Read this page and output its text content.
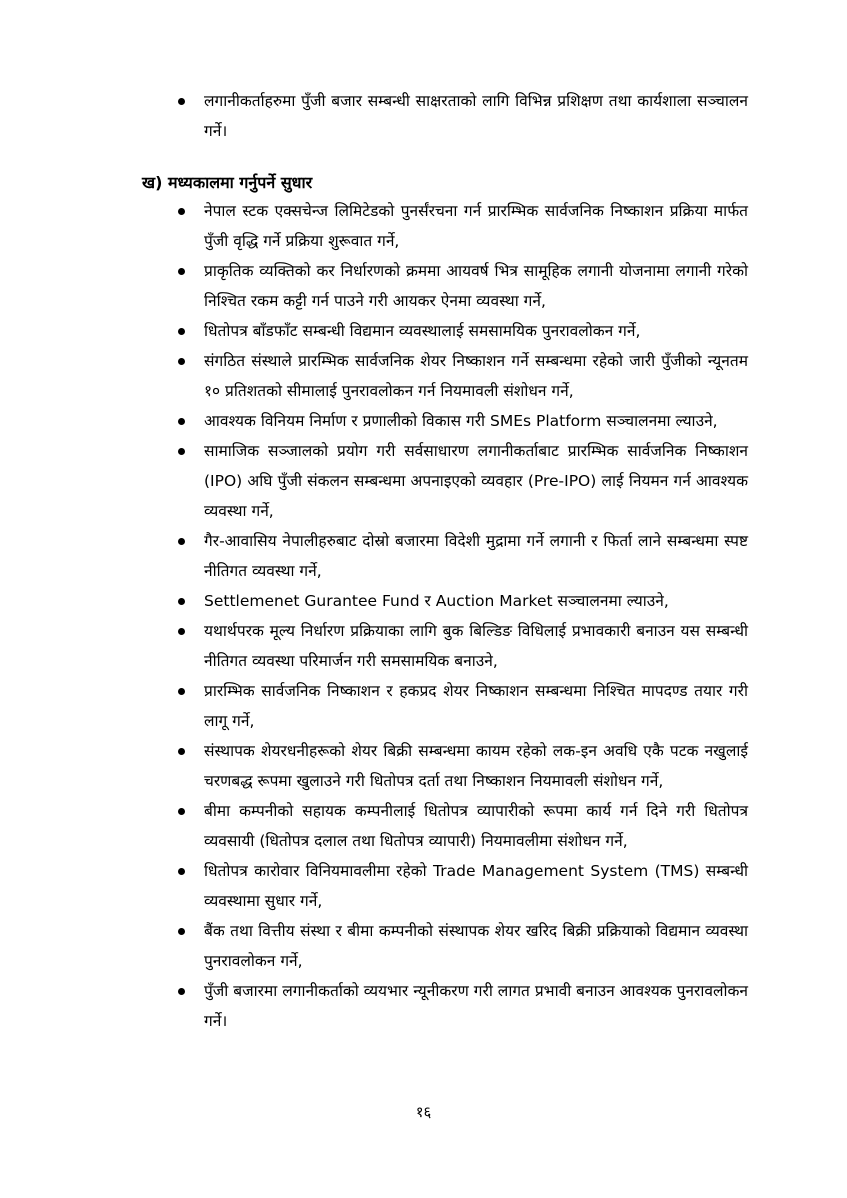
लगानीकर्ताहरुमा पुँजी बजार सम्बन्धी साक्षरताको लागि विभिन्न प्रशिक्षण तथा कार्यशाला सञ्चालन गर्ने।
ख) मध्यकालमा गर्नुपर्ने सुधार
नेपाल स्टक एक्सचेन्ज लिमिटेडको पुनर्संरचना गर्न प्रारम्भिक सार्वजनिक निष्काशन प्रक्रिया मार्फत पुँजी वृद्धि गर्ने प्रक्रिया शुरूवात गर्ने,
प्राकृतिक व्यक्तिको कर निर्धारणको क्रममा आयवर्ष भित्र सामूहिक लगानी योजनामा लगानी गरेको निश्चित रकम कट्टी गर्न पाउने गरी आयकर ऐनमा व्यवस्था गर्ने,
धितोपत्र बाँडफाँट सम्बन्धी विद्यमान व्यवस्थालाई समसामयिक पुनरावलोकन गर्ने,
संगठित संस्थाले प्रारम्भिक सार्वजनिक शेयर निष्काशन गर्ने सम्बन्धमा रहेको जारी पुँजीको न्यूनतम १० प्रतिशतको सीमालाई पुनरावलोकन गर्न नियमावली संशोधन गर्ने,
आवश्यक विनियम निर्माण र प्रणालीको विकास गरी SMEs Platform सञ्चालनमा ल्याउने,
सामाजिक सञ्जालको प्रयोग गरी सर्वसाधारण लगानीकर्ताबाट प्रारम्भिक सार्वजनिक निष्काशन (IPO) अघि पुँजी संकलन सम्बन्धमा अपनाइएको व्यवहार (Pre-IPO) लाई नियमन गर्न आवश्यक व्यवस्था गर्ने,
गैर-आवासिय नेपालीहरुबाट दोस्रो बजारमा विदेशी मुद्रामा गर्ने लगानी र फिर्ता लाने सम्बन्धमा स्पष्ट नीतिगत व्यवस्था गर्ने,
Settlemenet Gurantee Fund र Auction Market सञ्चालनमा ल्याउने,
यथार्थपरक मूल्य निर्धारण प्रक्रियाका लागि बुक बिल्डिङ विधिलाई प्रभावकारी बनाउन यस सम्बन्धी नीतिगत व्यवस्था परिमार्जन गरी समसामयिक बनाउने,
प्रारम्भिक सार्वजनिक निष्काशन र हकप्रद शेयर निष्काशन सम्बन्धमा निश्चित मापदण्ड तयार गरी लागू गर्ने,
संस्थापक शेयरधनीहरूको शेयर बिक्री सम्बन्धमा कायम रहेको लक-इन अवधि एकै पटक नखुलाई चरणबद्ध रूपमा खुलाउने गरी धितोपत्र दर्ता तथा निष्काशन नियमावली संशोधन गर्ने,
बीमा कम्पनीको सहायक कम्पनीलाई धितोपत्र व्यापारीको रूपमा कार्य गर्न दिने गरी धितोपत्र व्यवसायी (धितोपत्र दलाल तथा धितोपत्र व्यापारी) नियमावलीमा संशोधन गर्ने,
धितोपत्र कारोवार विनियमावलीमा रहेको Trade Management System (TMS) सम्बन्धी व्यवस्थामा सुधार गर्ने,
बैंक तथा वित्तीय संस्था र बीमा कम्पनीको संस्थापक शेयर खरिद बिक्री प्रक्रियाको विद्यमान व्यवस्था पुनरावलोकन गर्ने,
पुँजी बजारमा लगानीकर्ताको व्ययभार न्यूनीकरण गरी लागत प्रभावी बनाउन आवश्यक पुनरावलोकन गर्ने।
१६
